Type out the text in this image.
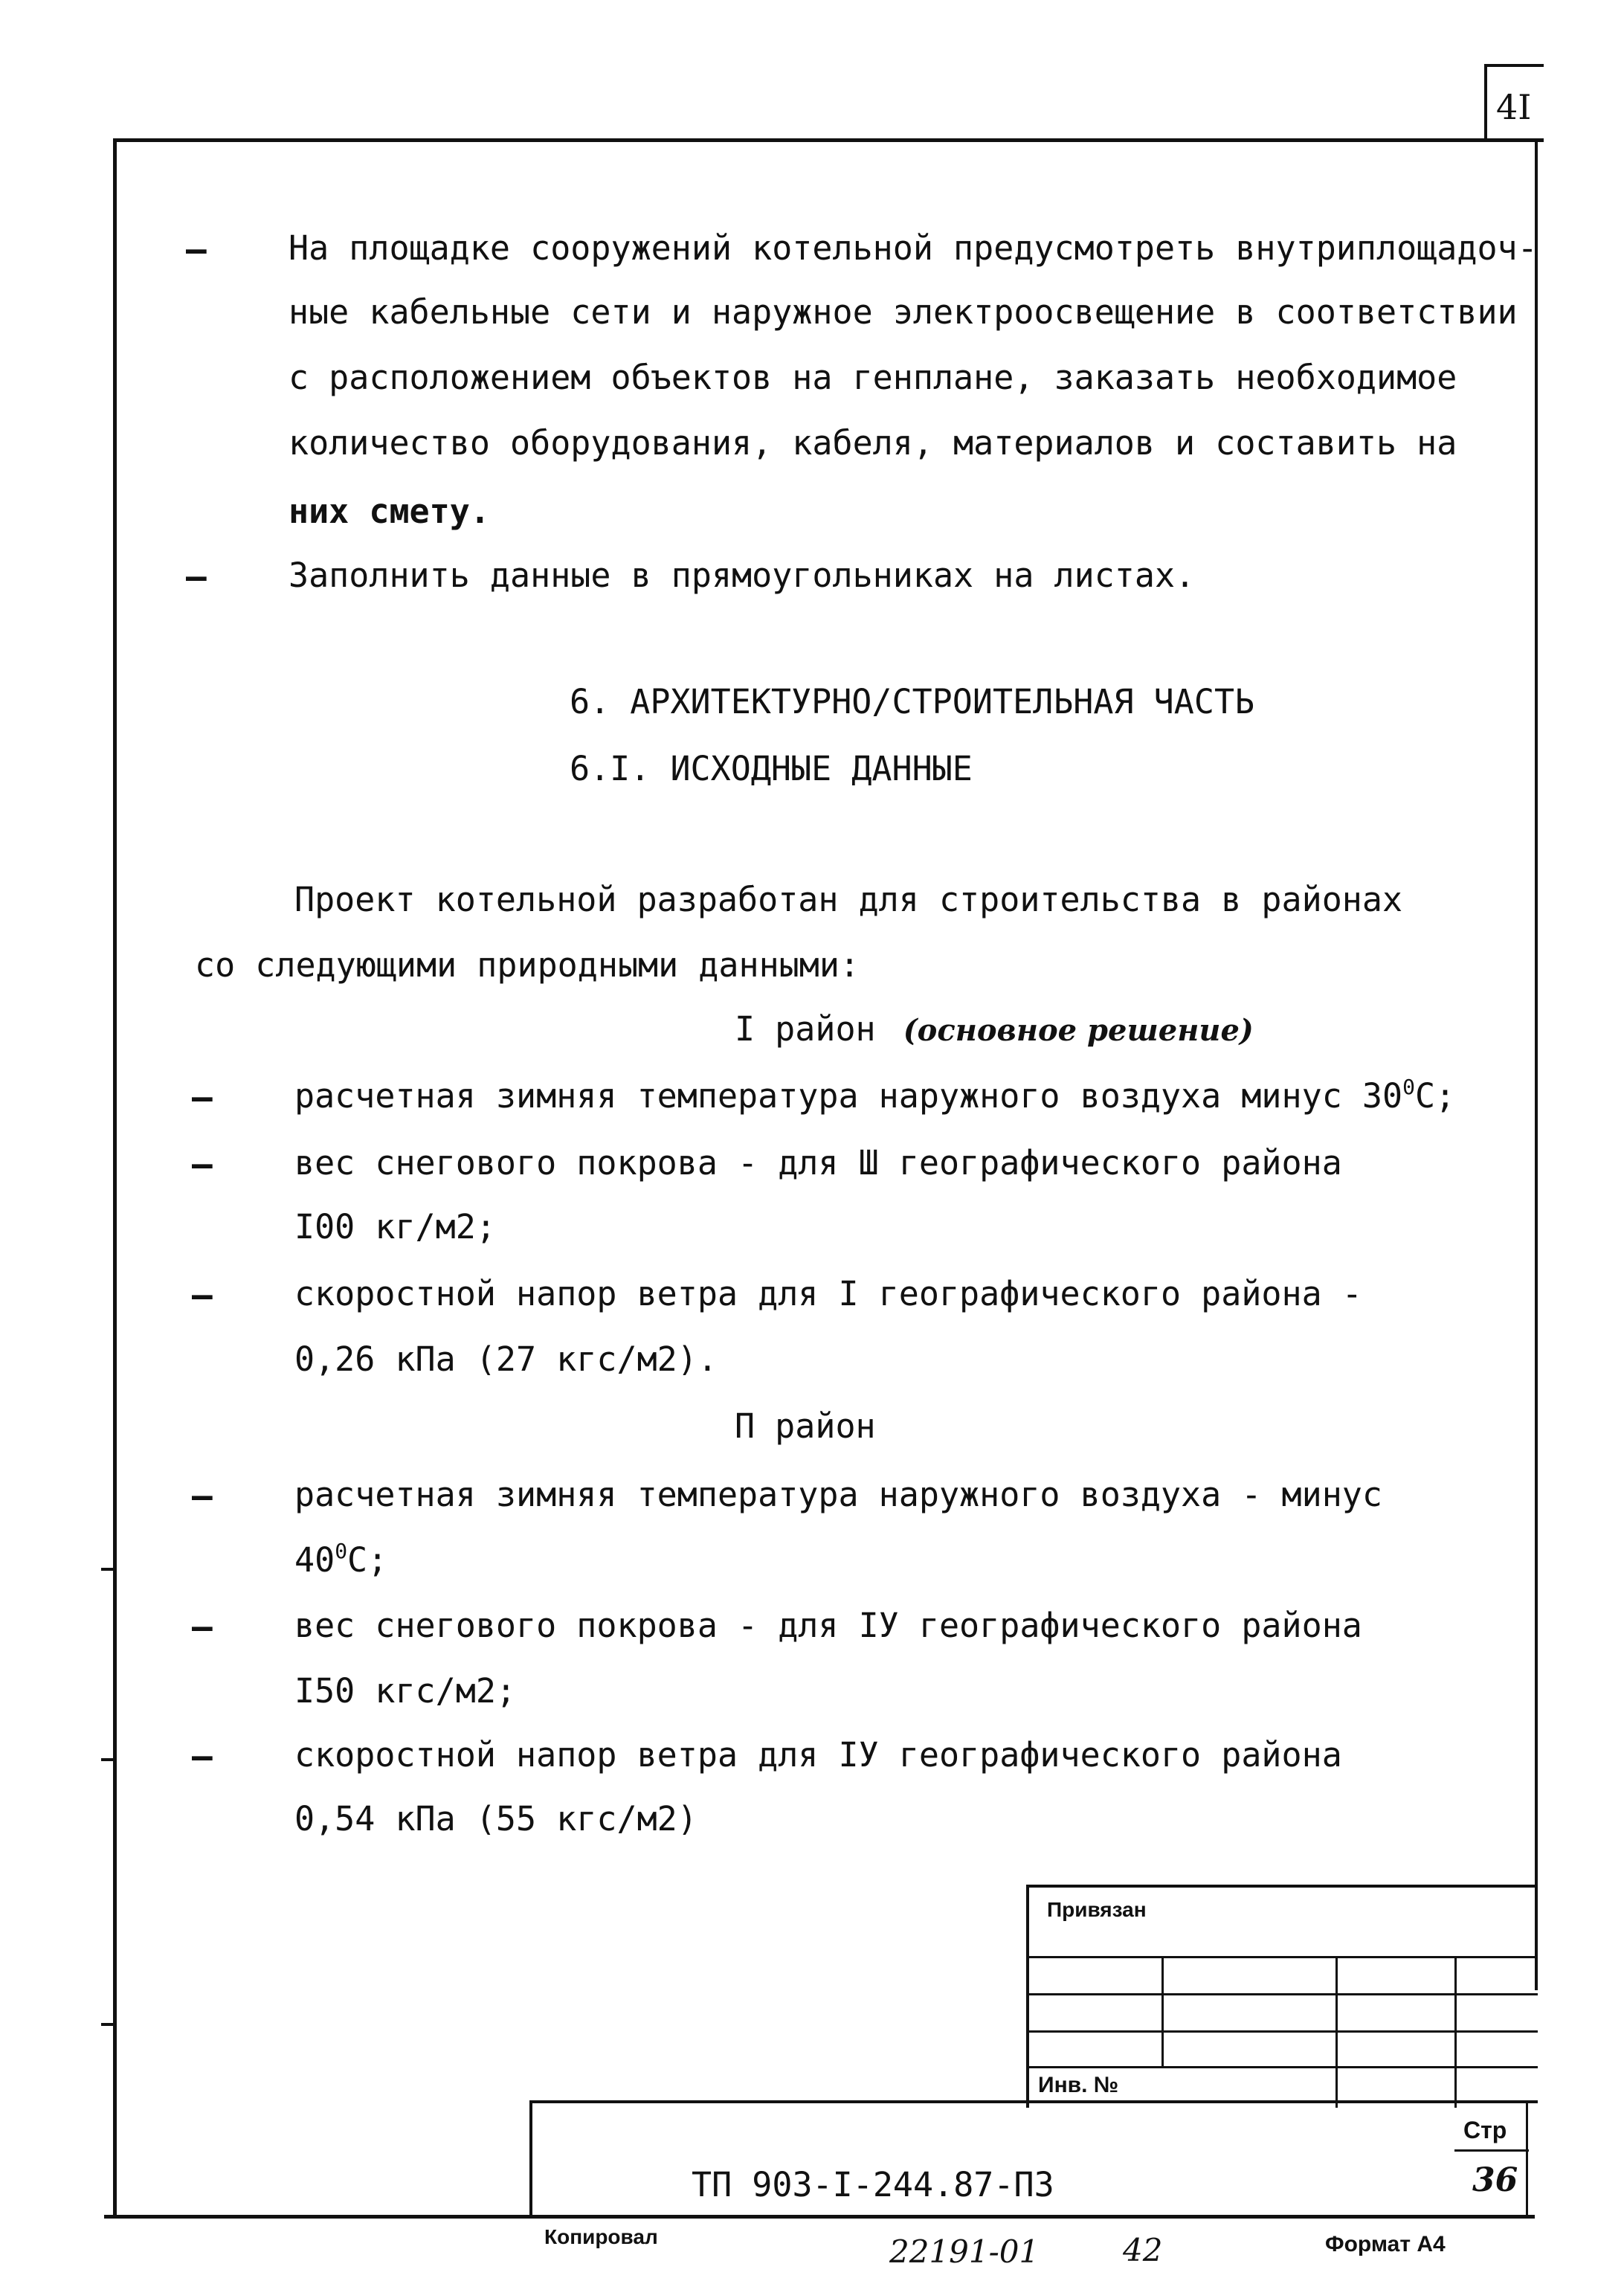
4I
– На площадке сооружений котельной предусмотреть внутриплощадоч-
ные кабельные сети и наружное электроосвещение в соответствии
с расположением объектов на генплане, заказать необходимое
количество оборудования, кабеля, материалов и составить на
них смету.
– Заполнить данные в прямоугольниках на листах.
6. АРХИТЕКТУРНО/СТРОИТЕЛЬНАЯ ЧАСТЬ
6.I. ИСХОДНЫЕ ДАННЫЕ
Проект котельной разработан для строительства в районах
со следующими природными данными:
I район (основное решение)
– расчетная зимняя температура наружного воздуха минус $30^0С$;
– вес снегового покрова - для Ш географического района
I00 кг/м2;
– скоростной напор ветра для I географического района -
0,26 кПа (27 кгс/м2).
П район
– расчетная зимняя температура наружного воздуха - минус
$40^0С$;
– вес снегового покрова - для IУ географического района
I50 кгс/м2;
– скоростной напор ветра для IУ географического района
0,54 кПа (55 кгс/м2)
Привязан
Инв. №
Стр
36
ТП 903-I-244.87-ПЗ
Копировал	22191-01	42	Формат А4
